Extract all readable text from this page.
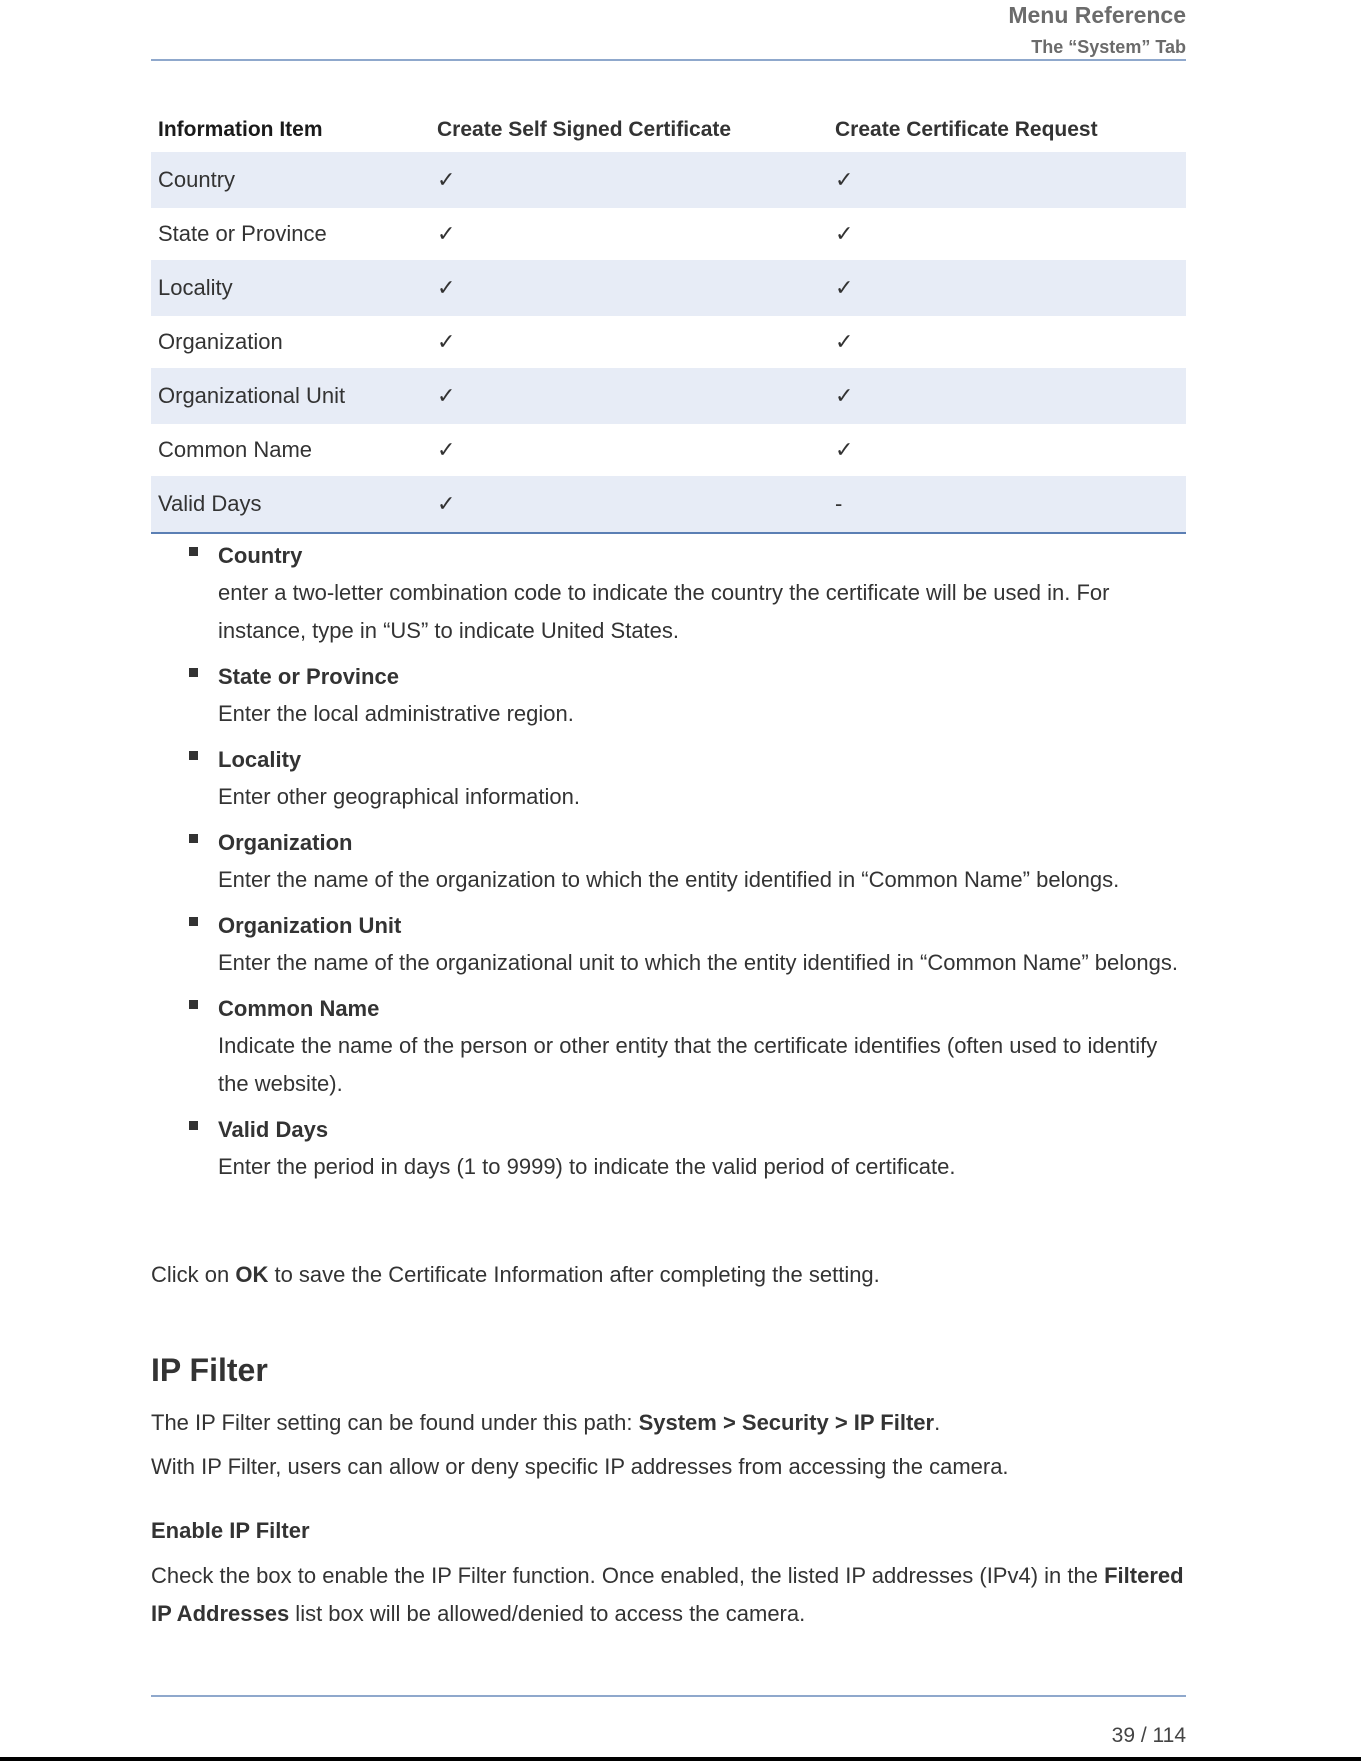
Menu Reference
The “System” Tab
Information Item	Create Self Signed Certificate	Create Certificate Request
Country	✓	✓
State or Province	✓	✓
Locality	✓	✓
Organization	✓	✓
Organizational Unit	✓	✓
Common Name	✓	✓
Valid Days	✓	-
Country
enter a two-letter combination code to indicate the country the certificate will be used in. For instance, type in “US” to indicate United States.
State or Province
Enter the local administrative region.
Locality
Enter other geographical information.
Organization
Enter the name of the organization to which the entity identified in “Common Name” belongs.
Organization Unit
Enter the name of the organizational unit to which the entity identified in “Common Name” belongs.
Common Name
Indicate the name of the person or other entity that the certificate identifies (often used to identify the website).
Valid Days
Enter the period in days (1 to 9999) to indicate the valid period of certificate.
Click on OK to save the Certificate Information after completing the setting.
IP Filter
The IP Filter setting can be found under this path: System > Security > IP Filter.
With IP Filter, users can allow or deny specific IP addresses from accessing the camera.
Enable IP Filter
Check the box to enable the IP Filter function. Once enabled, the listed IP addresses (IPv4) in the Filtered IP Addresses list box will be allowed/denied to access the camera.
39 / 114
